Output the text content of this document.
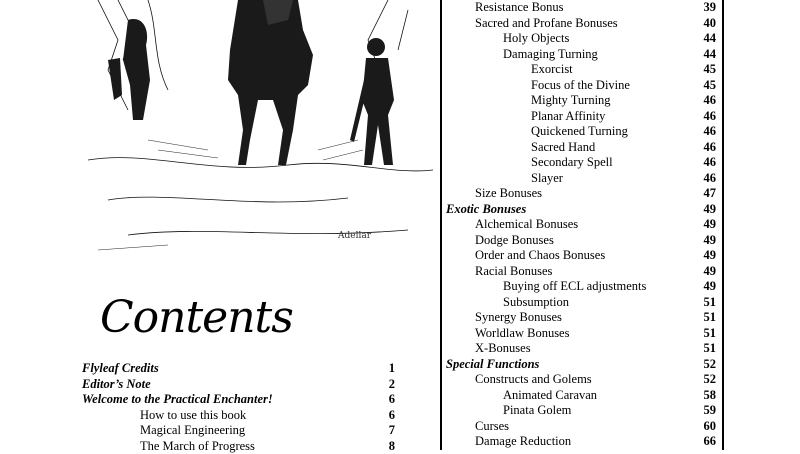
Adellar
Contents
Flyleaf Credits	1
Editor’s Note	2
Welcome to the Practical Enchanter!	6
How to use this book	6
Magical Engineering	7
The March of Progress	8
Resistance Bonus	39
Sacred and Profane Bonuses	40
Holy Objects	44
Damaging Turning	44
Exorcist	45
Focus of the Divine	45
Mighty Turning	46
Planar Affinity	46
Quickened Turning	46
Sacred Hand	46
Secondary Spell	46
Slayer	46
Size Bonuses	47
Exotic Bonuses	49
Alchemical Bonuses	49
Dodge Bonuses	49
Order and Chaos Bonuses	49
Racial Bonuses	49
Buying off ECL adjustments	49
Subsumption	51
Synergy Bonuses	51
Worldlaw Bonuses	51
X-Bonuses	51
Special Functions	52
Constructs and Golems	52
Animated Caravan	58
Pinata Golem	59
Curses	60
Damage Reduction	66
